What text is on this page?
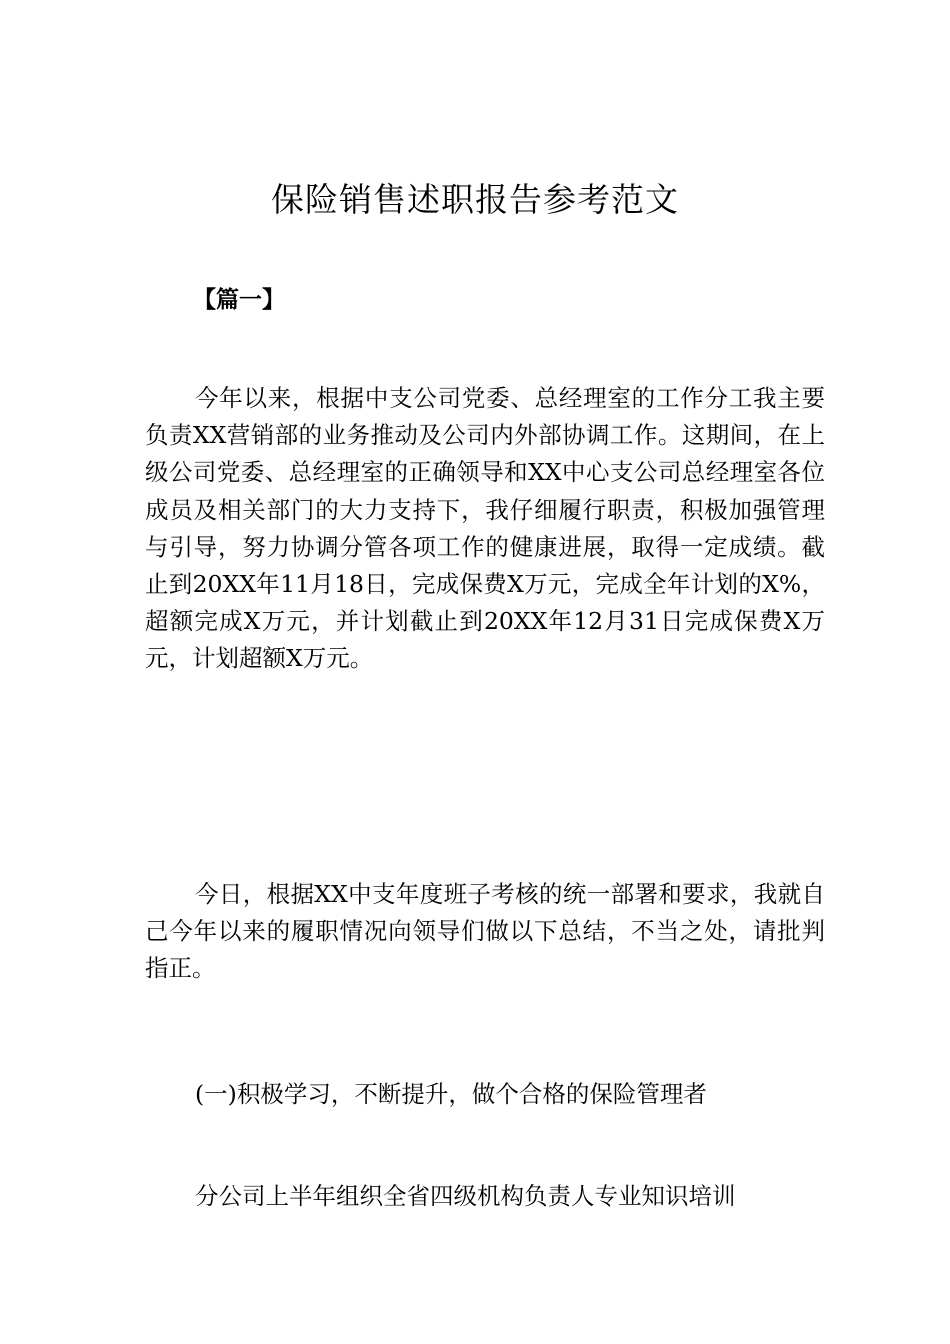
保险销售述职报告参考范文
【篇一】

今年以来，根据中支公司党委、总经理室的工作分工我主要负责XX营销部的业务推动及公司内外部协调工作。这期间，在上级公司党委、总经理室的正确领导和XX中心支公司总经理室各位成员及相关部门的大力支持下，我仔细履行职责，积极加强管理与引导，努力协调分管各项工作的健康进展，取得一定成绩。截止到20XX年11月18日，完成保费X万元，完成全年计划的X%，超额完成X万元，并计划截止到20XX年12月31日完成保费X万元，计划超额X万元。

今日，根据XX中支年度班子考核的统一部署和要求，我就自己今年以来的履职情况向领导们做以下总结，不当之处，请批判指正。

(一)积极学习，不断提升，做个合格的保险管理者

分公司上半年组织全省四级机构负责人专业知识培训
